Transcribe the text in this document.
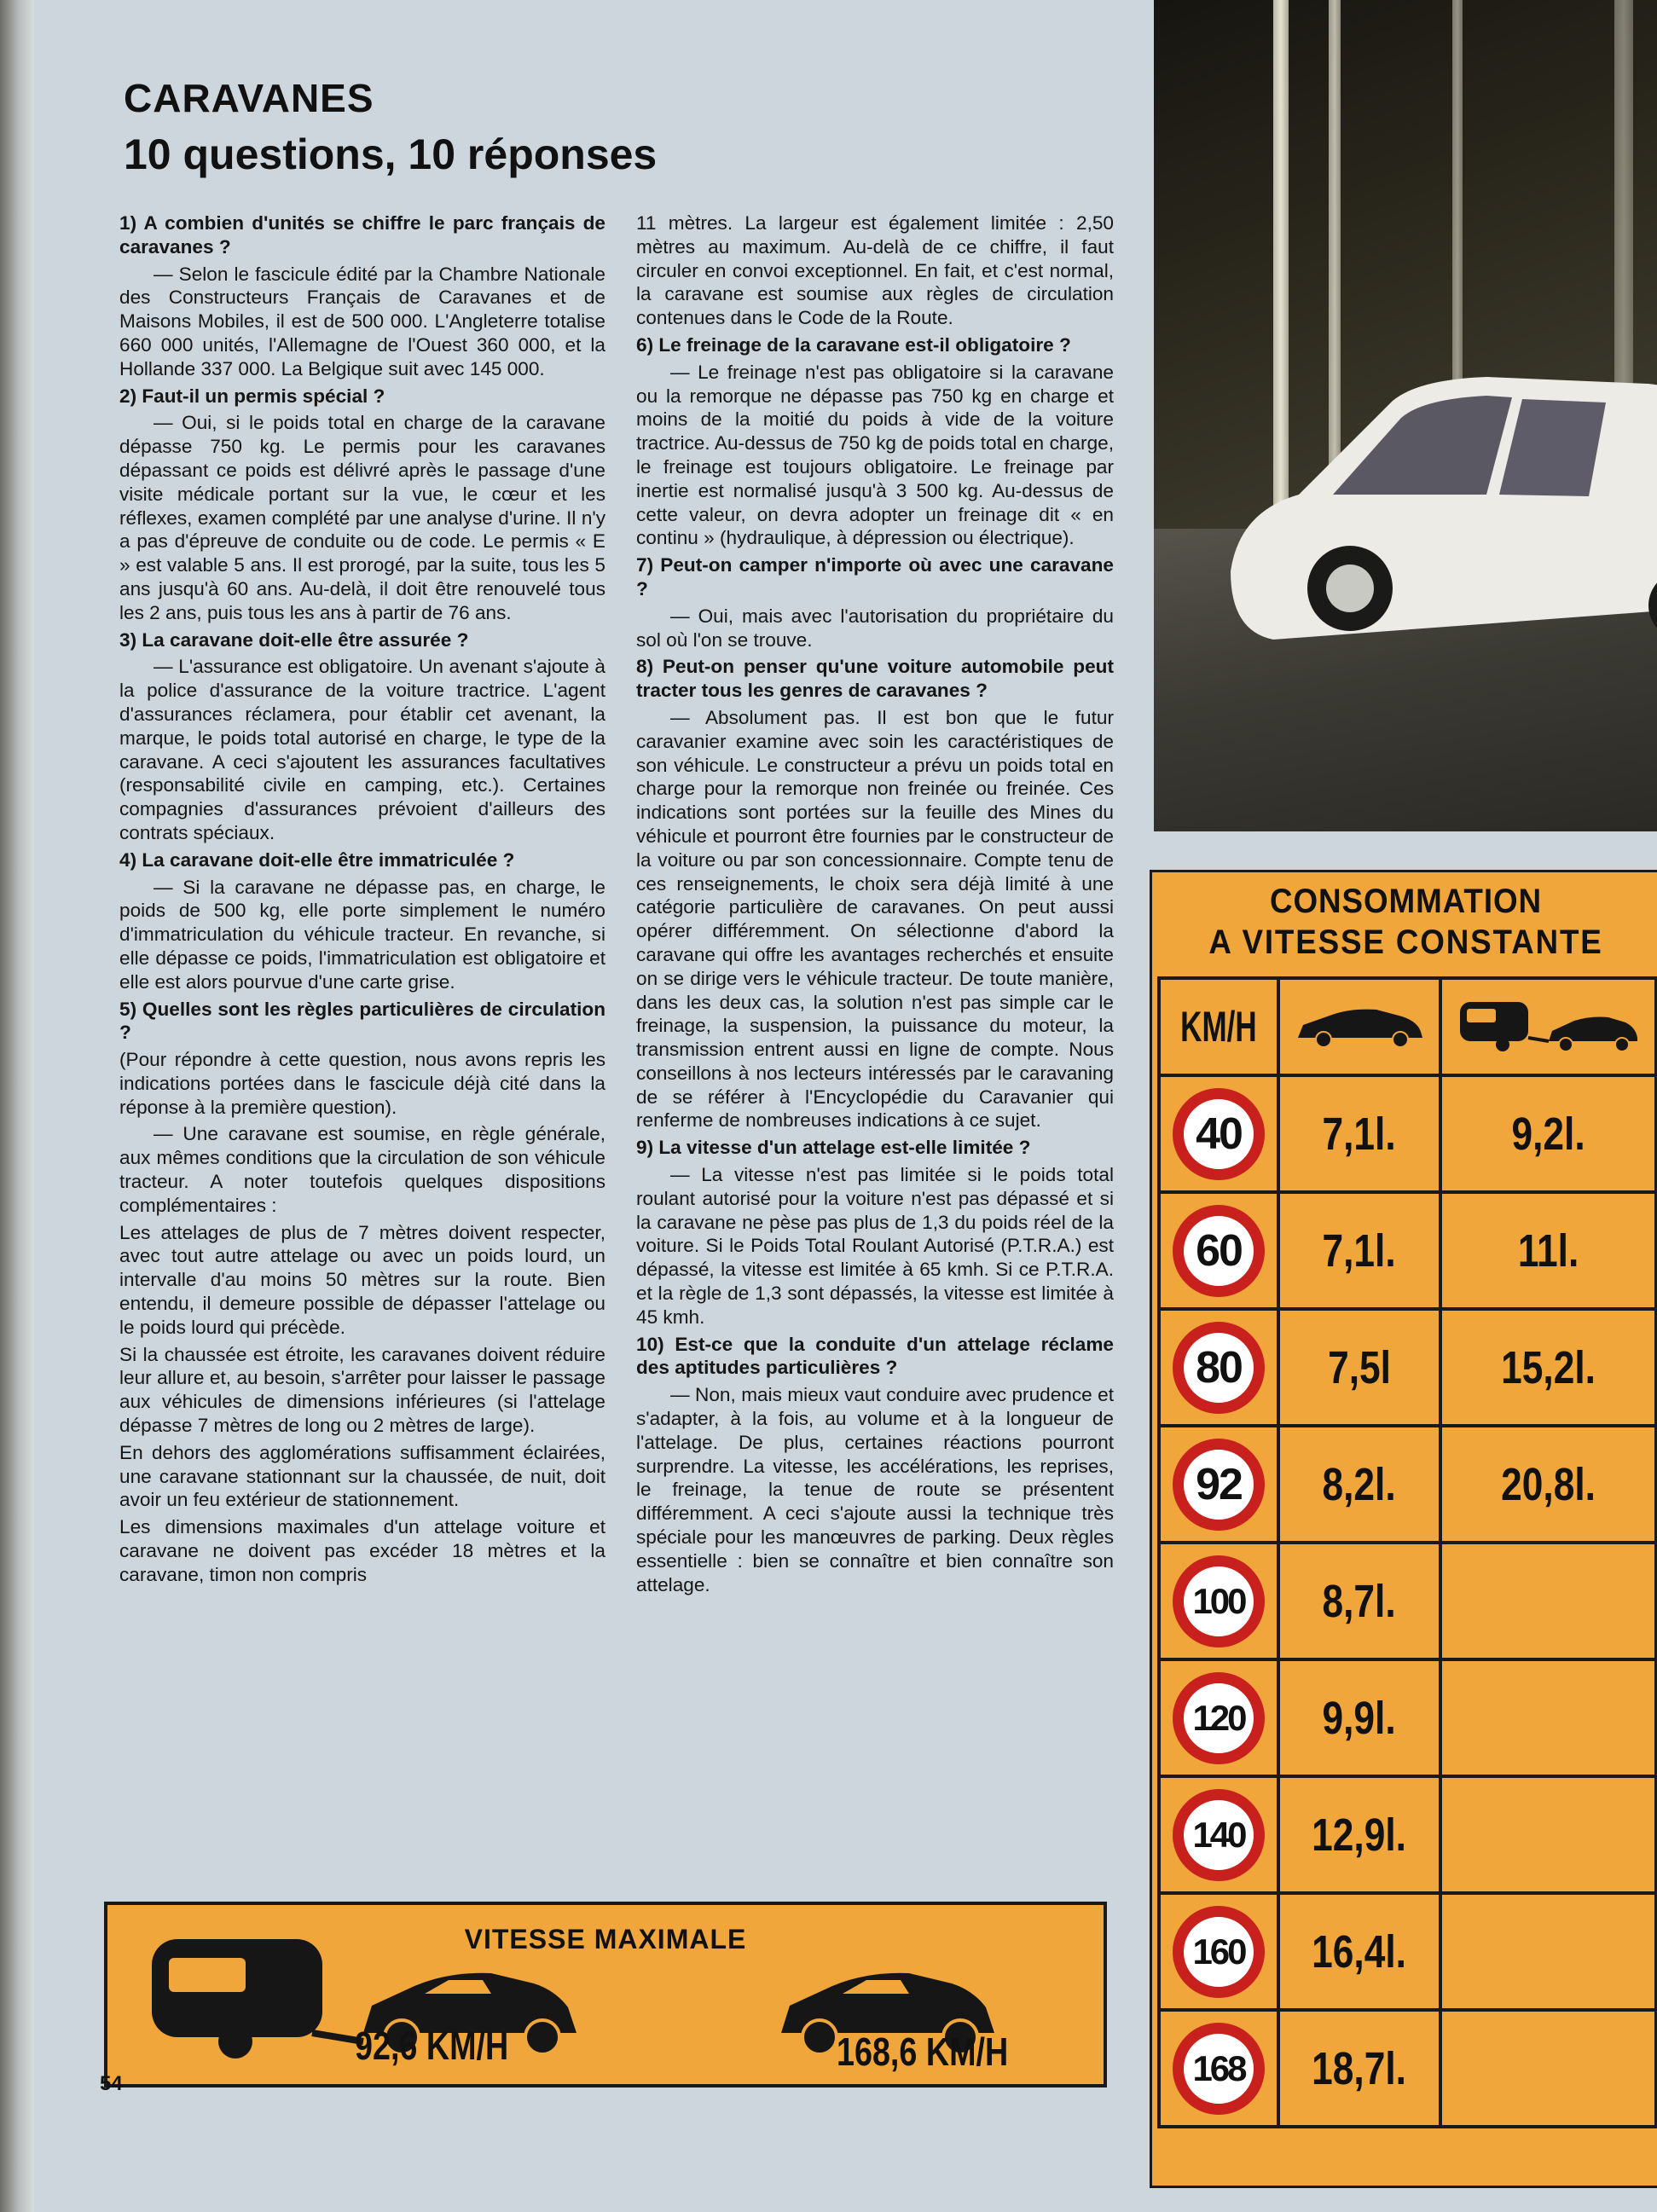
CARAVANES
10 questions, 10 réponses

1) A combien d'unités se chiffre le parc français de caravanes ?

— Selon le fascicule édité par la Chambre Nationale des Constructeurs Français de Caravanes et de Maisons Mobiles, il est de 500 000. L'Angleterre totalise 660 000 unités, l'Allemagne de l'Ouest 360 000, et la Hollande 337 000. La Belgique suit avec 145 000.

2) Faut-il un permis spécial ?

— Oui, si le poids total en charge de la caravane dépasse 750 kg. Le permis pour les caravanes dépassant ce poids est délivré après le passage d'une visite médicale portant sur la vue, le cœur et les réflexes, examen complété par une analyse d'urine. Il n'y a pas d'épreuve de conduite ou de code. Le permis « E » est valable 5 ans. Il est prorogé, par la suite, tous les 5 ans jusqu'à 60 ans. Au-delà, il doit être renouvelé tous les 2 ans, puis tous les ans à partir de 76 ans.

3) La caravane doit-elle être assurée ?

— L'assurance est obligatoire. Un avenant s'ajoute à la police d'assurance de la voiture tractrice. L'agent d'assurances réclamera, pour établir cet avenant, la marque, le poids total autorisé en charge, le type de la caravane. A ceci s'ajoutent les assurances facultatives (responsabilité civile en camping, etc.). Certaines compagnies d'assurances prévoient d'ailleurs des contrats spéciaux.

4) La caravane doit-elle être immatriculée ?

— Si la caravane ne dépasse pas, en charge, le poids de 500 kg, elle porte simplement le numéro d'immatriculation du véhicule tracteur. En revanche, si elle dépasse ce poids, l'immatriculation est obligatoire et elle est alors pourvue d'une carte grise.

5) Quelles sont les règles particulières de circulation ?

(Pour répondre à cette question, nous avons repris les indications portées dans le fascicule déjà cité dans la réponse à la première question).

— Une caravane est soumise, en règle générale, aux mêmes conditions que la circulation de son véhicule tracteur. A noter toutefois quelques dispositions complémentaires :

Les attelages de plus de 7 mètres doivent respecter, avec tout autre attelage ou avec un poids lourd, un intervalle d'au moins 50 mètres sur la route. Bien entendu, il demeure possible de dépasser l'attelage ou le poids lourd qui précède.

Si la chaussée est étroite, les caravanes doivent réduire leur allure et, au besoin, s'arrêter pour laisser le passage aux véhicules de dimensions inférieures (si l'attelage dépasse 7 mètres de long ou 2 mètres de large).

En dehors des agglomérations suffisamment éclairées, une caravane stationnant sur la chaussée, de nuit, doit avoir un feu extérieur de stationnement.

Les dimensions maximales d'un attelage voiture et caravane ne doivent pas excéder 18 mètres et la caravane, timon non compris

11 mètres. La largeur est également limitée : 2,50 mètres au maximum. Au-delà de ce chiffre, il faut circuler en convoi exceptionnel. En fait, et c'est normal, la caravane est soumise aux règles de circulation contenues dans le Code de la Route.

6) Le freinage de la caravane est-il obligatoire ?

— Le freinage n'est pas obligatoire si la caravane ou la remorque ne dépasse pas 750 kg en charge et moins de la moitié du poids à vide de la voiture tractrice. Au-dessus de 750 kg de poids total en charge, le freinage est toujours obligatoire. Le freinage par inertie est normalisé jusqu'à 3 500 kg. Au-dessus de cette valeur, on devra adopter un freinage dit « en continu » (hydraulique, à dépression ou électrique).

7) Peut-on camper n'importe où avec une caravane ?

— Oui, mais avec l'autorisation du propriétaire du sol où l'on se trouve.

8) Peut-on penser qu'une voiture automobile peut tracter tous les genres de caravanes ?

— Absolument pas. Il est bon que le futur caravanier examine avec soin les caractéristiques de son véhicule. Le constructeur a prévu un poids total en charge pour la remorque non freinée ou freinée. Ces indications sont portées sur la feuille des Mines du véhicule et pourront être fournies par le constructeur de la voiture ou par son concessionnaire. Compte tenu de ces renseignements, le choix sera déjà limité à une catégorie particulière de caravanes. On peut aussi opérer différemment. On sélectionne d'abord la caravane qui offre les avantages recherchés et ensuite on se dirige vers le véhicule tracteur. De toute manière, dans les deux cas, la solution n'est pas simple car le freinage, la suspension, la puissance du moteur, la transmission entrent aussi en ligne de compte. Nous conseillons à nos lecteurs intéressés par le caravaning de se référer à l'Encyclopédie du Caravanier qui renferme de nombreuses indications à ce sujet.

9) La vitesse d'un attelage est-elle limitée ?

— La vitesse n'est pas limitée si le poids total roulant autorisé pour la voiture n'est pas dépassé et si la caravane ne pèse pas plus de 1,3 du poids réel de la voiture. Si le Poids Total Roulant Autorisé (P.T.R.A.) est dépassé, la vitesse est limitée à 65 kmh. Si ce P.T.R.A. et la règle de 1,3 sont dépassés, la vitesse est limitée à 45 kmh.

10) Est-ce que la conduite d'un attelage réclame des aptitudes particulières ?

— Non, mais mieux vaut conduire avec prudence et s'adapter, à la fois, au volume et à la longueur de l'attelage. De plus, certaines réactions pourront surprendre. La vitesse, les accélérations, les reprises, le freinage, la tenue de route se présentent différemment. A ceci s'ajoute aussi la technique très spéciale pour les manœuvres de parking. Deux règles essentielle : bien se connaître et bien connaître son attelage.

VITESSE MAXIMALE
92,6 KM/H	168,6 KM/H
54
CONSOMMATION
A VITESSE CONSTANTE
KM/H		
40	7,1l.	9,2l.
60	7,1l.	11l.
80	7,5l	15,2l.
92	8,2l.	20,8l.
100	8,7l.	
120	9,9l.	
140	12,9l.	
160	16,4l.	
168	18,7l.	
